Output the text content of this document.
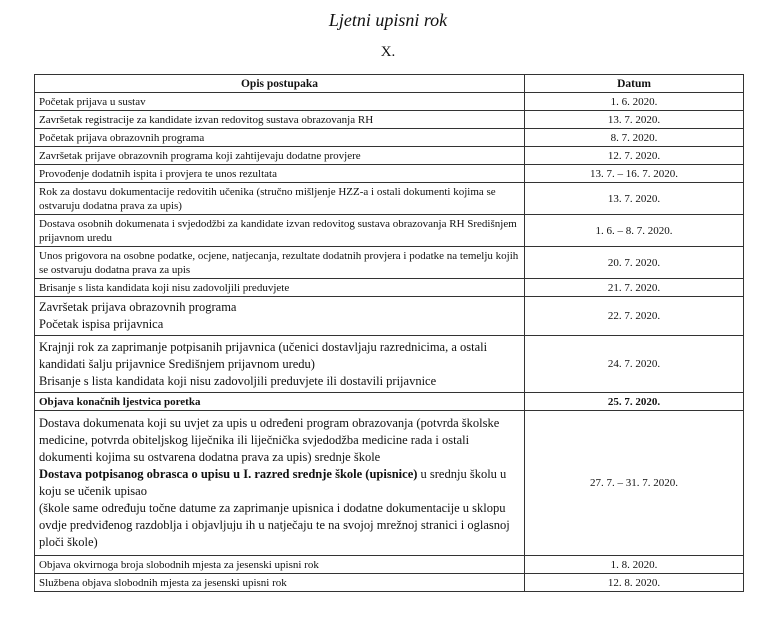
Ljetni upisni rok
X.
Opis postupaka	Datum
Početak prijava u sustav	1. 6. 2020.
Završetak registracije za kandidate izvan redovitog sustava obrazovanja RH	13. 7. 2020.
Početak prijava obrazovnih programa	8. 7. 2020.
Završetak prijave obrazovnih programa koji zahtijevaju dodatne provjere	12. 7. 2020.
Provođenje dodatnih ispita i provjera te unos rezultata	13. 7. – 16. 7. 2020.
Rok za dostavu dokumentacije redovitih učenika (stručno mišljenje HZZ-a i ostali dokumenti kojima se ostvaruju dodatna prava za upis)	13. 7. 2020.
Dostava osobnih dokumenata i svjedodžbi za kandidate izvan redovitog sustava obrazovanja RH Središnjem prijavnom uredu	1. 6. – 8. 7. 2020.
Unos prigovora na osobne podatke, ocjene, natjecanja, rezultate dodatnih provjera i podatke na temelju kojih se ostvaruju dodatna prava za upis	20. 7. 2020.
Brisanje s lista kandidata koji nisu zadovoljili preduvjete	21. 7. 2020.

Završetak prijava obrazovnih programa
Početak ispisa prijavnica	22. 7. 2020.

Krajnji rok za zaprimanje potpisanih prijavnica (učenici dostavljaju razrednicima, a ostali kandidati šalju prijavnice Središnjem prijavnom uredu)
Brisanje s lista kandidata koji nisu zadovoljili preduvjete ili dostavili prijavnice	24. 7. 2020.
Objava konačnih ljestvica poretka	25. 7. 2020.

Dostava dokumenata koji su uvjet za upis u određeni program obrazovanja (potvrda školske medicine, potvrda obiteljskog liječnika ili liječnička svjedodžba medicine rada i ostali dokumenti kojima su ostvarena dodatna prava za upis) srednje škole
Dostava potpisanog obrasca o upisu u I. razred srednje škole (upisnice) u srednju školu u koju se učenik upisao
(škole same određuju točne datume za zaprimanje upisnica i dodatne dokumentacije u sklopu ovdje predviđenog razdoblja i objavljuju ih u natječaju te na svojoj mrežnoj stranici i oglasnoj ploči škole)	27. 7. – 31. 7. 2020.
Objava okvirnoga broja slobodnih mjesta za jesenski upisni rok	1. 8. 2020.
Službena objava slobodnih mjesta za jesenski upisni rok	12. 8. 2020.
